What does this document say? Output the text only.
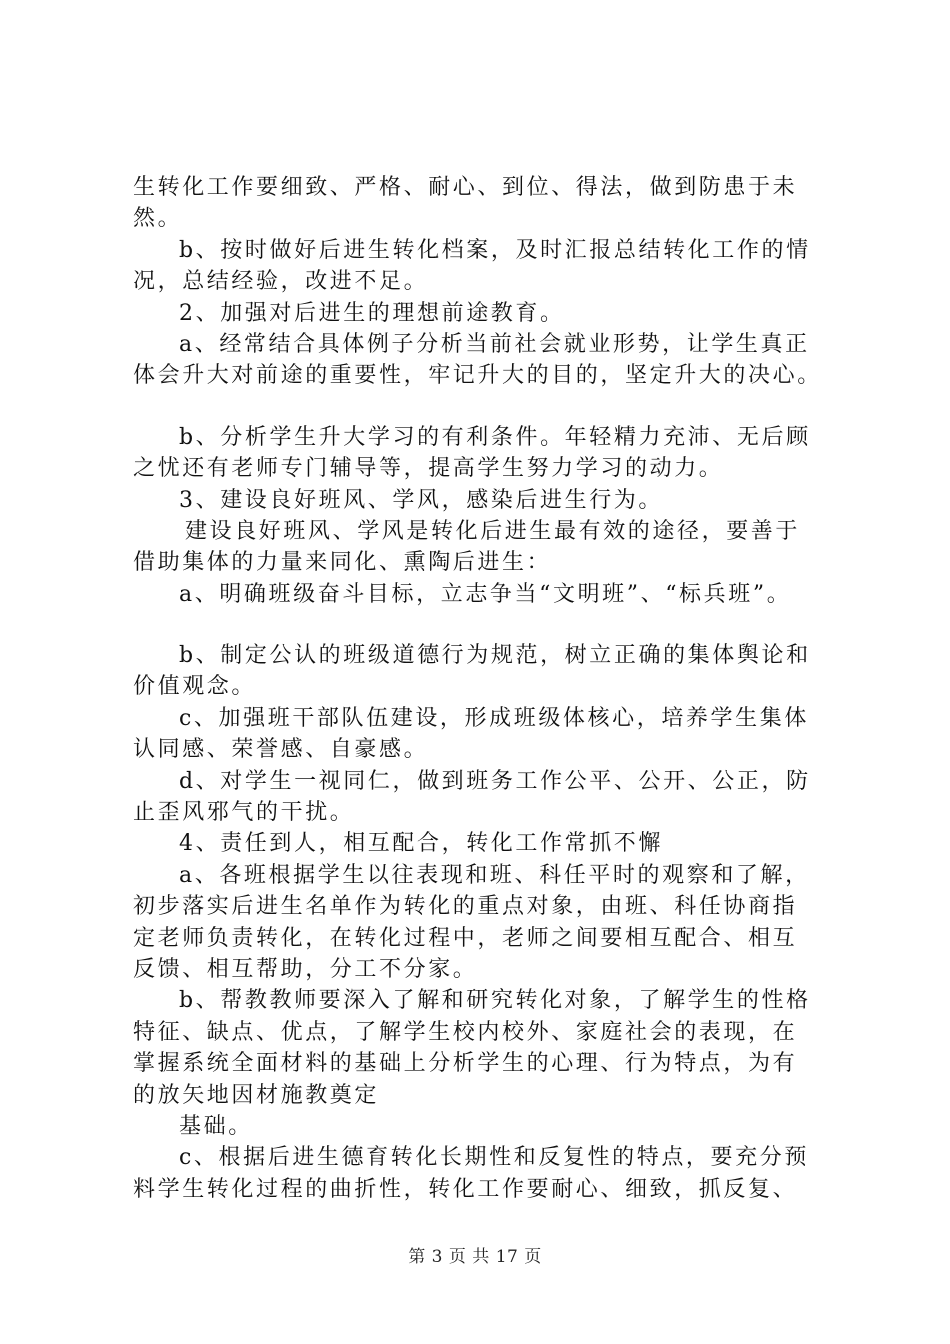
生转化工作要细致、严格、耐心、到位、得法，做到防患于未
然。
b、按时做好后进生转化档案，及时汇报总结转化工作的情
况，总结经验，改进不足。
2、加强对后进生的理想前途教育。
a、经常结合具体例子分析当前社会就业形势，让学生真正
体会升大对前途的重要性，牢记升大的目的，坚定升大的决心。
b、分析学生升大学习的有利条件。年轻精力充沛、无后顾
之忧还有老师专门辅导等，提高学生努力学习的动力。
3、建设良好班风、学风，感染后进生行为。
建设良好班风、学风是转化后进生最有效的途径，要善于
借助集体的力量来同化、熏陶后进生：
a、明确班级奋斗目标，立志争当“文明班”、“标兵班”。
b、制定公认的班级道德行为规范，树立正确的集体舆论和
价值观念。
c、加强班干部队伍建设，形成班级体核心，培养学生集体
认同感、荣誉感、自豪感。
d、对学生一视同仁，做到班务工作公平、公开、公正，防
止歪风邪气的干扰。
4、责任到人，相互配合，转化工作常抓不懈
a、各班根据学生以往表现和班、科任平时的观察和了解，
初步落实后进生名单作为转化的重点对象，由班、科任协商指
定老师负责转化，在转化过程中，老师之间要相互配合、相互
反馈、相互帮助，分工不分家。
b、帮教教师要深入了解和研究转化对象，了解学生的性格
特征、缺点、优点，了解学生校内校外、家庭社会的表现，在
掌握系统全面材料的基础上分析学生的心理、行为特点，为有
的放矢地因材施教奠定
基础。
c、根据后进生德育转化长期性和反复性的特点，要充分预
料学生转化过程的曲折性，转化工作要耐心、细致，抓反复、
第 3 页 共 17 页
